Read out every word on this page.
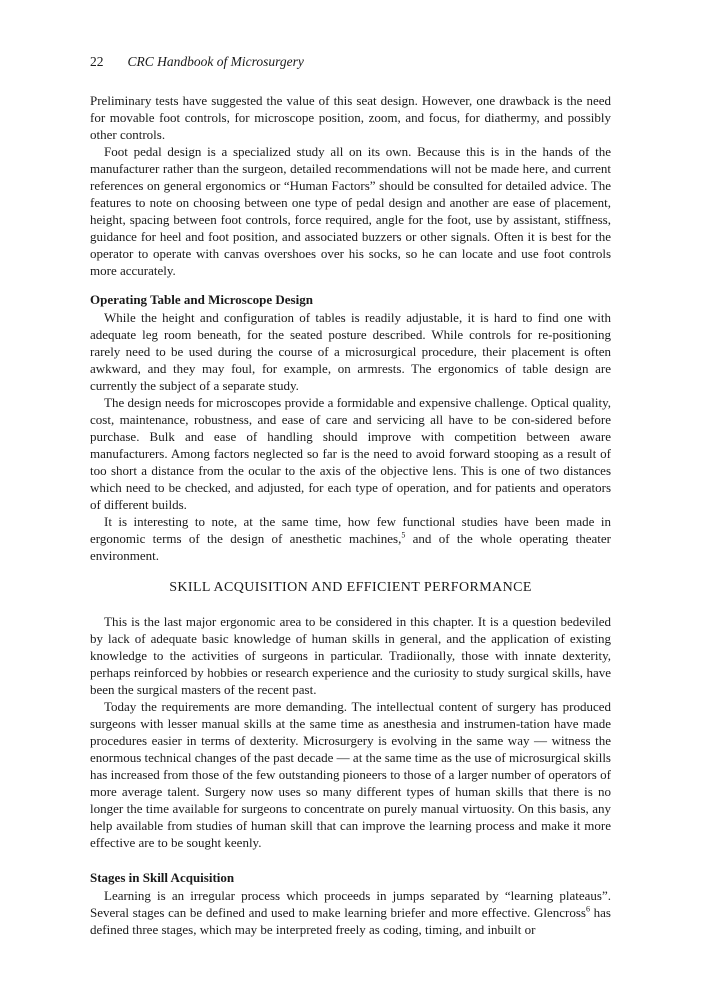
22 CRC Handbook of Microsurgery

Preliminary tests have suggested the value of this seat design. However, one drawback is the need for movable foot controls, for microscope position, zoom, and focus, for diathermy, and possibly other controls.

Foot pedal design is a specialized study all on its own. Because this is in the hands of the manufacturer rather than the surgeon, detailed recommendations will not be made here, and current references on general ergonomics or “Human Factors” should be consulted for detailed advice. The features to note on choosing between one type of pedal design and another are ease of placement, height, spacing between foot controls, force required, angle for the foot, use by assistant, stiffness, guidance for heel and foot position, and associated buzzers or other signals. Often it is best for the operator to operate with canvas overshoes over his socks, so he can locate and use foot controls more accurately.

Operating Table and Microscope Design

While the height and configuration of tables is readily adjustable, it is hard to find one with adequate leg room beneath, for the seated posture described. While controls for re-positioning rarely need to be used during the course of a microsurgical procedure, their placement is often awkward, and they may foul, for example, on armrests. The ergonomics of table design are currently the subject of a separate study.

The design needs for microscopes provide a formidable and expensive challenge. Optical quality, cost, maintenance, robustness, and ease of care and servicing all have to be con-sidered before purchase. Bulk and ease of handling should improve with competition between aware manufacturers. Among factors neglected so far is the need to avoid forward stooping as a result of too short a distance from the ocular to the axis of the objective lens. This is one of two distances which need to be checked, and adjusted, for each type of operation, and for patients and operators of different builds.

It is interesting to note, at the same time, how few functional studies have been made in ergonomic terms of the design of anesthetic machines,$^5$ and of the whole operating theater environment.

SKILL ACQUISITION AND EFFICIENT PERFORMANCE

This is the last major ergonomic area to be considered in this chapter. It is a question bedeviled by lack of adequate basic knowledge of human skills in general, and the application of existing knowledge to the activities of surgeons in particular. Tradiionally, those with innate dexterity, perhaps reinforced by hobbies or research experience and the curiosity to study surgical skills, have been the surgical masters of the recent past.

Today the requirements are more demanding. The intellectual content of surgery has produced surgeons with lesser manual skills at the same time as anesthesia and instrumen-tation have made procedures easier in terms of dexterity. Microsurgery is evolving in the same way — witness the enormous technical changes of the past decade — at the same time as the use of microsurgical skills has increased from those of the few outstanding pioneers to those of a larger number of operators of more average talent. Surgery now uses so many different types of human skills that there is no longer the time available for surgeons to concentrate on purely manual virtuosity. On this basis, any help available from studies of human skill that can improve the learning process and make it more effective are to be sought keenly.

Stages in Skill Acquisition

Learning is an irregular process which proceeds in jumps separated by “learning plateaus”. Several stages can be defined and used to make learning briefer and more effective. Glencross$^6$ has defined three stages, which may be interpreted freely as coding, timing, and inbuilt or
